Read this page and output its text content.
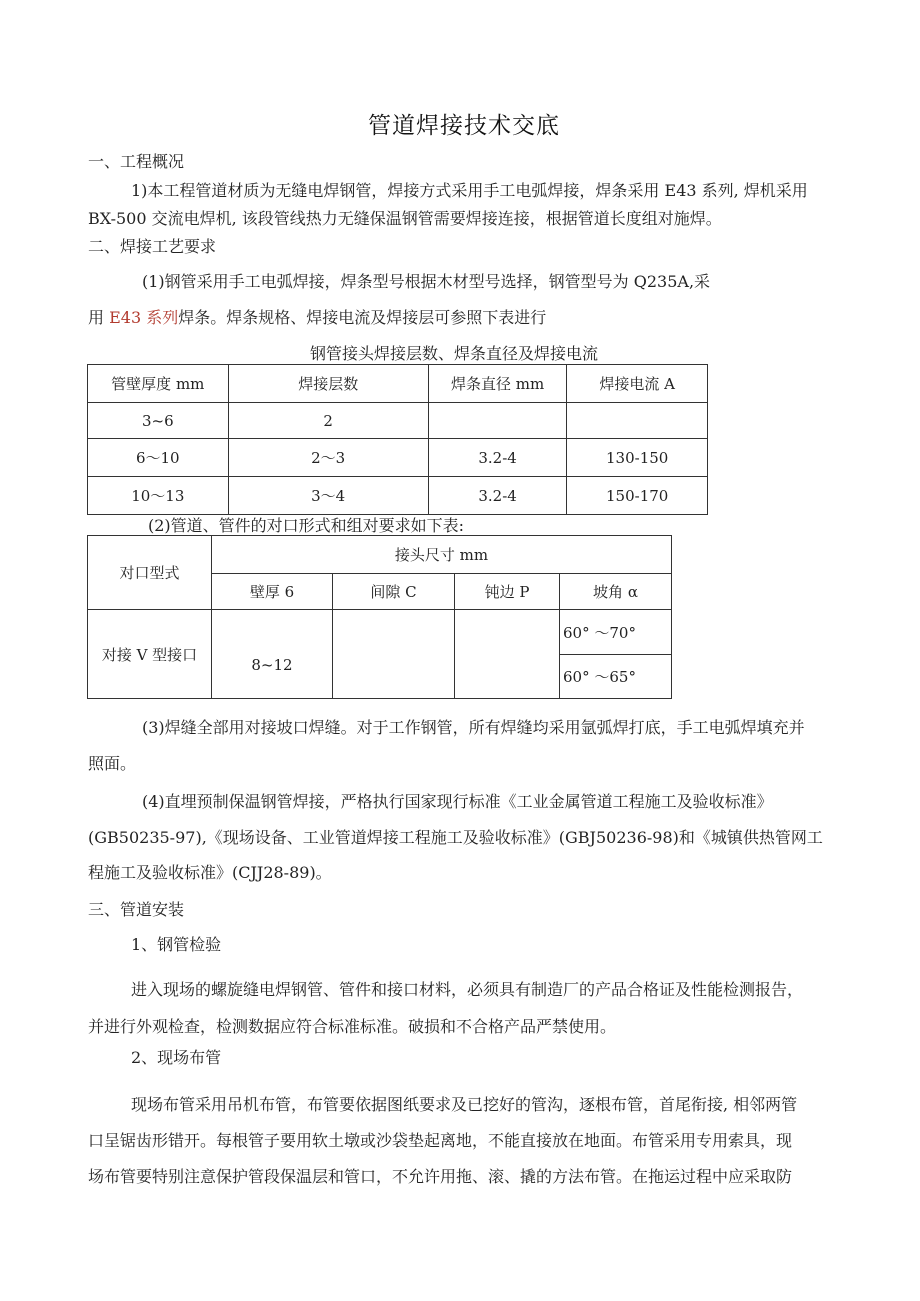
管道焊接技术交底
一、工程概况
1)本工程管道材质为无缝电焊钢管，焊接方式采用手工电弧焊接，焊条采用 E43 系列, 焊机采用
BX-500 交流电焊机, 该段管线热力无缝保温钢管需要焊接连接，根据管道长度组对施焊。
二、焊接工艺要求
(1)钢管采用手工电弧焊接，焊条型号根据木材型号选择，钢管型号为 Q235A,采
用 E43 系列焊条。焊条规格、焊接电流及焊接层可参照下表进行
钢管接头焊接层数、焊条直径及焊接电流
管壁厚度 mm	焊接层数	焊条直径 mm	焊接电流 A
3~6	2		
6～10	2～3	3.2-4	130-150
10～13	3～4	3.2-4	150-170
(2)管道、管件的对口形式和组对要求如下表:
对口型式	接头尺寸 mm			
	壁厚 6	间隙 C	钝边 P	坡角 α
对接 V 型接口	8~12			60° ～70°
				60° ～65°
(3)焊缝全部用对接坡口焊缝。对于工作钢管，所有焊缝均采用氩弧焊打底，手工电弧焊填充并
照面。
(4)直埋预制保温钢管焊接，严格执行国家现行标准《工业金属管道工程施工及验收标准》
(GB50235-97),《现场设备、工业管道焊接工程施工及验收标准》(GBJ50236-98)和《城镇供热管网工
程施工及验收标准》(CJJ28-89)。
三、管道安装
1、钢管检验
进入现场的螺旋缝电焊钢管、管件和接口材料，必须具有制造厂的产品合格证及性能检测报告，
并进行外观检查，检测数据应符合标准标准。破损和不合格产品严禁使用。
2、现场布管
现场布管采用吊机布管，布管要依据图纸要求及已挖好的管沟，逐根布管，首尾衔接, 相邻两管
口呈锯齿形错开。每根管子要用软土墩或沙袋垫起离地，不能直接放在地面。布管采用专用索具，现
场布管要特别注意保护管段保温层和管口，不允许用拖、滚、撬的方法布管。在拖运过程中应采取防
